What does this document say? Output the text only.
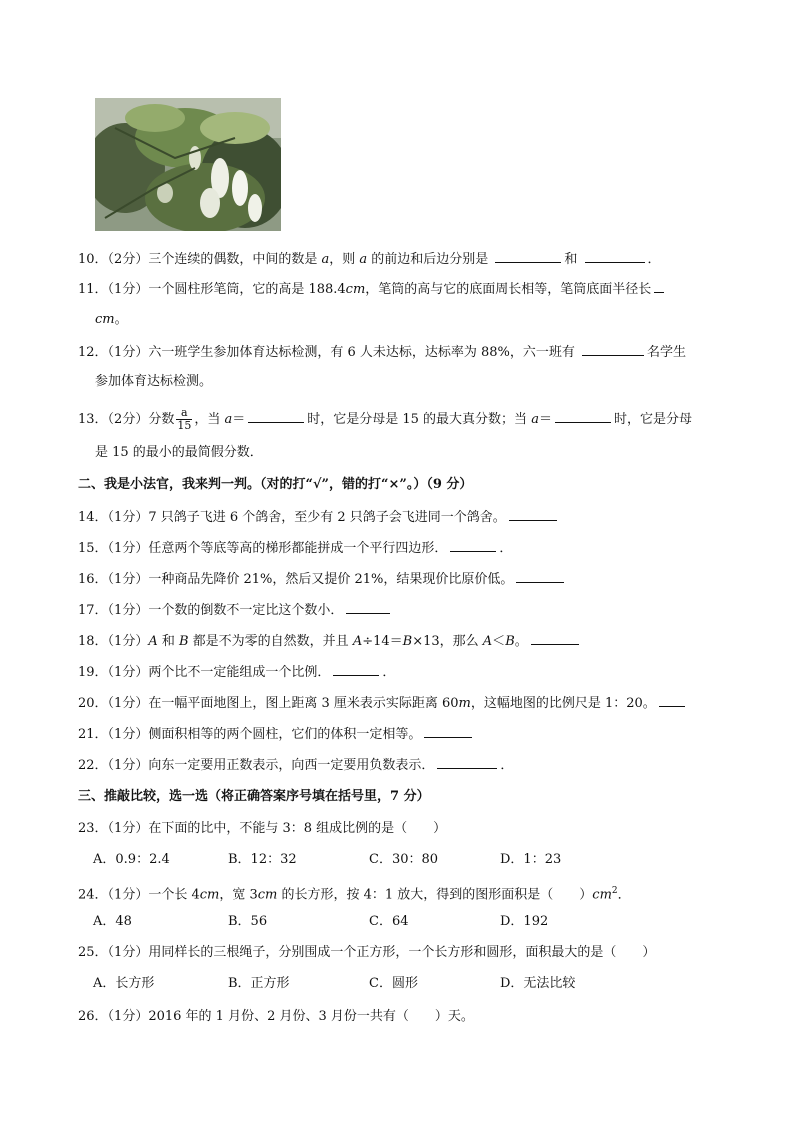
10．（2分）三个连续的偶数，中间的数是 a，则 a 的前边和后边分别是	和	．
11．（1分）一个圆柱形笔筒，它的高是 188.4cm，笔筒的高与它的底面周长相等，笔筒底面半径长
cm。
12．（1分）六一班学生参加体育达标检测，有 6 人未达标，达标率为 88%，六一班有	名学生
参加体育达标检测。
13．（2分）分数 $\frac{a}{15}$ ，当 a＝	时，它是分母是 15 的最大真分数；当 a＝	时，它是分母
是 15 的最小的最简假分数．
二、我是小法官，我来判一判。（对的打“√”，错的打“×”。）（9 分）
14．（1分）7 只鸽子飞进 6 个鸽舍，至少有 2 只鸽子会飞进同一个鸽舍。
15．（1分）任意两个等底等高的梯形都能拼成一个平行四边形．	．
16．（1分）一种商品先降价 21%，然后又提价 21%，结果现价比原价低。
17．（1分）一个数的倒数不一定比这个数小．
18．（1分）A 和 B 都是不为零的自然数，并且 A÷14＝B×13，那么 A＜B。
19．（1分）两个比不一定能组成一个比例．	．
20．（1分）在一幅平面地图上，图上距离 3 厘米表示实际距离 60m，这幅地图的比例尺是 1：20。
21．（1分）侧面积相等的两个圆柱，它们的体积一定相等。
22．（1分）向东一定要用正数表示，向西一定要用负数表示．	．
三、推敲比较，选一选（将正确答案序号填在括号里，7 分）
23．（1分）在下面的比中，不能与 3：8 组成比例的是（　　）
A．0.9：2.4	B．12：32	C．30：80	D．1：23
24．（1分）一个长 4cm，宽 3cm 的长方形，按 4：1 放大，得到的图形面积是（　　）$cm^2$．
A．48	B．56	C．64	D．192
25．（1分）用同样长的三根绳子，分别围成一个正方形，一个长方形和圆形，面积最大的是（　　）
A．长方形	B．正方形	C．圆形	D．无法比较
26．（1分）2016 年的 1 月份、2 月份、3 月份一共有（　　）天。
